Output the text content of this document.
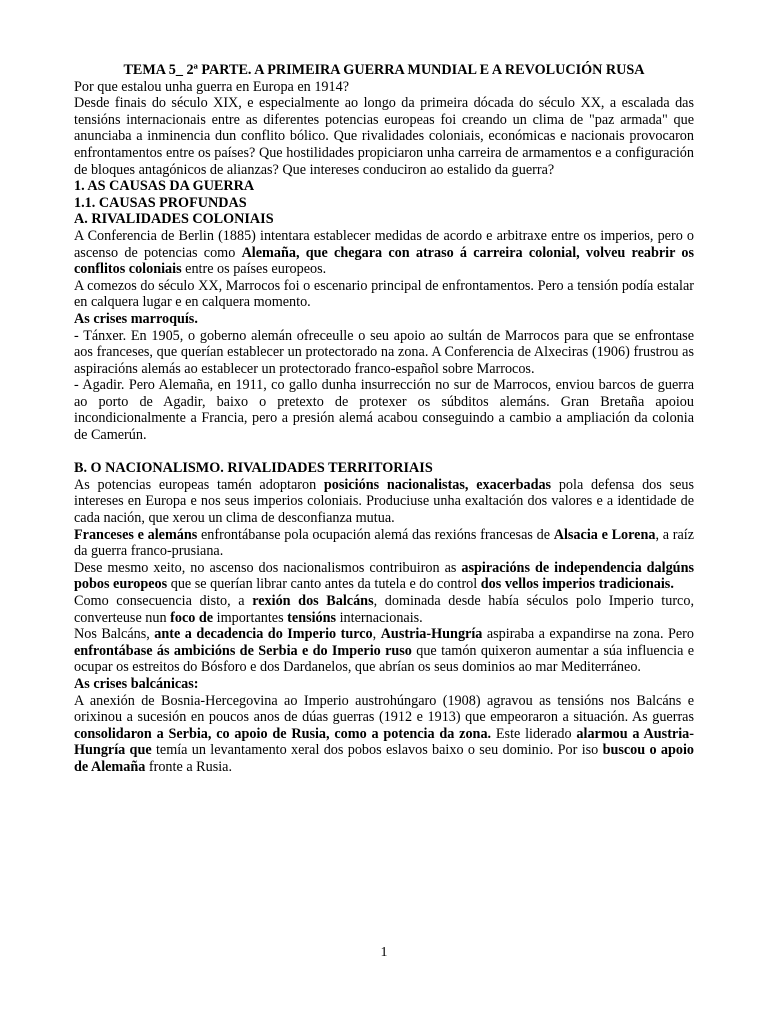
TEMA 5_ 2ª PARTE. A PRIMEIRA GUERRA MUNDIAL E A REVOLUCIÓN RUSA

Por que estalou unha guerra en Europa en 1914?

Desde finais do século XIX, e especialmente ao longo da primeira dócada do século XX, a escalada das tensións internacionais entre as diferentes potencias europeas foi creando un clima de "paz armada" que anunciaba a inminencia dun conflito bólico. Que rivalidades coloniais, económicas e nacionais provocaron enfrontamentos entre os países? Que hostilidades propiciaron unha carreira de armamentos e a configuración de bloques antagónicos de alianzas? Que intereses conduciron ao estalido da guerra?

1. AS CAUSAS DA GUERRA

1.1. CAUSAS PROFUNDAS

A. RIVALIDADES COLONIAIS

A Conferencia de Berlin (1885) intentara establecer medidas de acordo e arbitraxe entre os imperios, pero o ascenso de potencias como Alemaña, que chegara con atraso á carreira colonial, volveu reabrir os conflitos coloniais entre os países europeos.

A comezos do século XX, Marrocos foi o escenario principal de enfrontamentos. Pero a tensión podía estalar en calquera lugar e en calquera momento.

As crises marroquís.

- Tánxer. En 1905, o goberno alemán ofreceulle o seu apoio ao sultán de Marrocos para que se enfrontase aos franceses, que querían establecer un protectorado na zona. A Conferencia de Alxeciras (1906) frustrou as aspiracións alemás ao establecer un protectorado franco-español sobre Marrocos.

- Agadir. Pero Alemaña, en 1911, co gallo dunha insurrección no sur de Marrocos, enviou barcos de guerra ao porto de Agadir, baixo o pretexto de protexer os súbditos alemáns. Gran Bretaña apoiou incondicionalmente a Francia, pero a presión alemá acabou conseguindo a cambio a ampliación da colonia de Camerún.

B. O NACIONALISMO. RIVALIDADES TERRITORIAIS

As potencias europeas tamén adoptaron posicións nacionalistas, exacerbadas pola defensa dos seus intereses en Europa e nos seus imperios coloniais. Produciuse unha exaltación dos valores e a identidade de cada nación, que xerou un clima de desconfianza mutua.

Franceses e alemáns enfrontábanse pola ocupación alemá das rexións francesas de Alsacia e Lorena, a raíz da guerra franco-prusiana.

Dese mesmo xeito, no ascenso dos nacionalismos contribuiron as aspiracións de independencia dalgúns pobos europeos que se querían librar canto antes da tutela e do control dos vellos imperios tradicionais.

Como consecuencia disto, a rexión dos Balcáns, dominada desde había séculos polo Imperio turco, converteuse nun foco de importantes tensións internacionais.

Nos Balcáns, ante a decadencia do Imperio turco, Austria-Hungría aspiraba a expandirse na zona. Pero enfrontábase ás ambicións de Serbia e do Imperio ruso que tamón quixeron aumentar a súa influencia e ocupar os estreitos do Bósforo e dos Dardanelos, que abrían os seus dominios ao mar Mediterráneo.

As crises balcánicas:

A anexión de Bosnia-Hercegovina ao Imperio austrohúngaro (1908) agravou as tensións nos Balcáns e orixinou a sucesión en poucos anos de dúas guerras (1912 e 1913) que empeoraron a situación. As guerras consolidaron a Serbia, co apoio de Rusia, como a potencia da zona. Este liderado alarmou a Austria-Hungría que temía un levantamento xeral dos pobos eslavos baixo o seu dominio. Por iso buscou o apoio de Alemaña fronte a Rusia.

1
